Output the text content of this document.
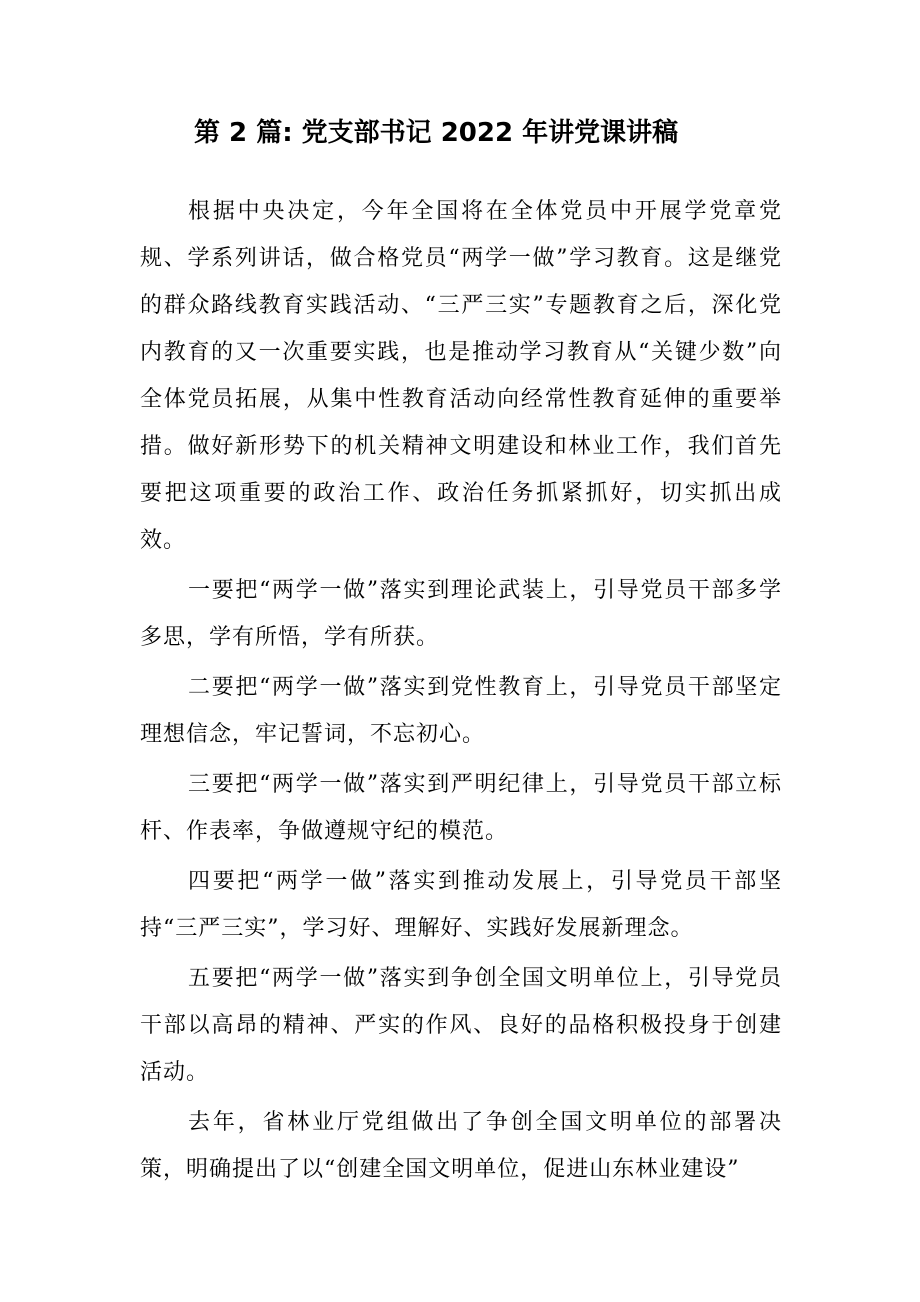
第 2 篇: 党支部书记 2022 年讲党课讲稿

根据中央决定，今年全国将在全体党员中开展学党章党规、学系列讲话，做合格党员“两学一做”学习教育。这是继党的群众路线教育实践活动、“三严三实”专题教育之后，深化党内教育的又一次重要实践，也是推动学习教育从“关键少数”向全体党员拓展，从集中性教育活动向经常性教育延伸的重要举措。做好新形势下的机关精神文明建设和林业工作，我们首先要把这项重要的政治工作、政治任务抓紧抓好，切实抓出成效。

一要把“两学一做”落实到理论武装上，引导党员干部多学多思，学有所悟，学有所获。

二要把“两学一做”落实到党性教育上，引导党员干部坚定理想信念，牢记誓词，不忘初心。

三要把“两学一做”落实到严明纪律上，引导党员干部立标杆、作表率，争做遵规守纪的模范。

四要把“两学一做”落实到推动发展上，引导党员干部坚持“三严三实”，学习好、理解好、实践好发展新理念。

五要把“两学一做”落实到争创全国文明单位上，引导党员干部以高昂的精神、严实的作风、良好的品格积极投身于创建活动。

去年，省林业厅党组做出了争创全国文明单位的部署决策，明确提出了以“创建全国文明单位，促进山东林业建设”
